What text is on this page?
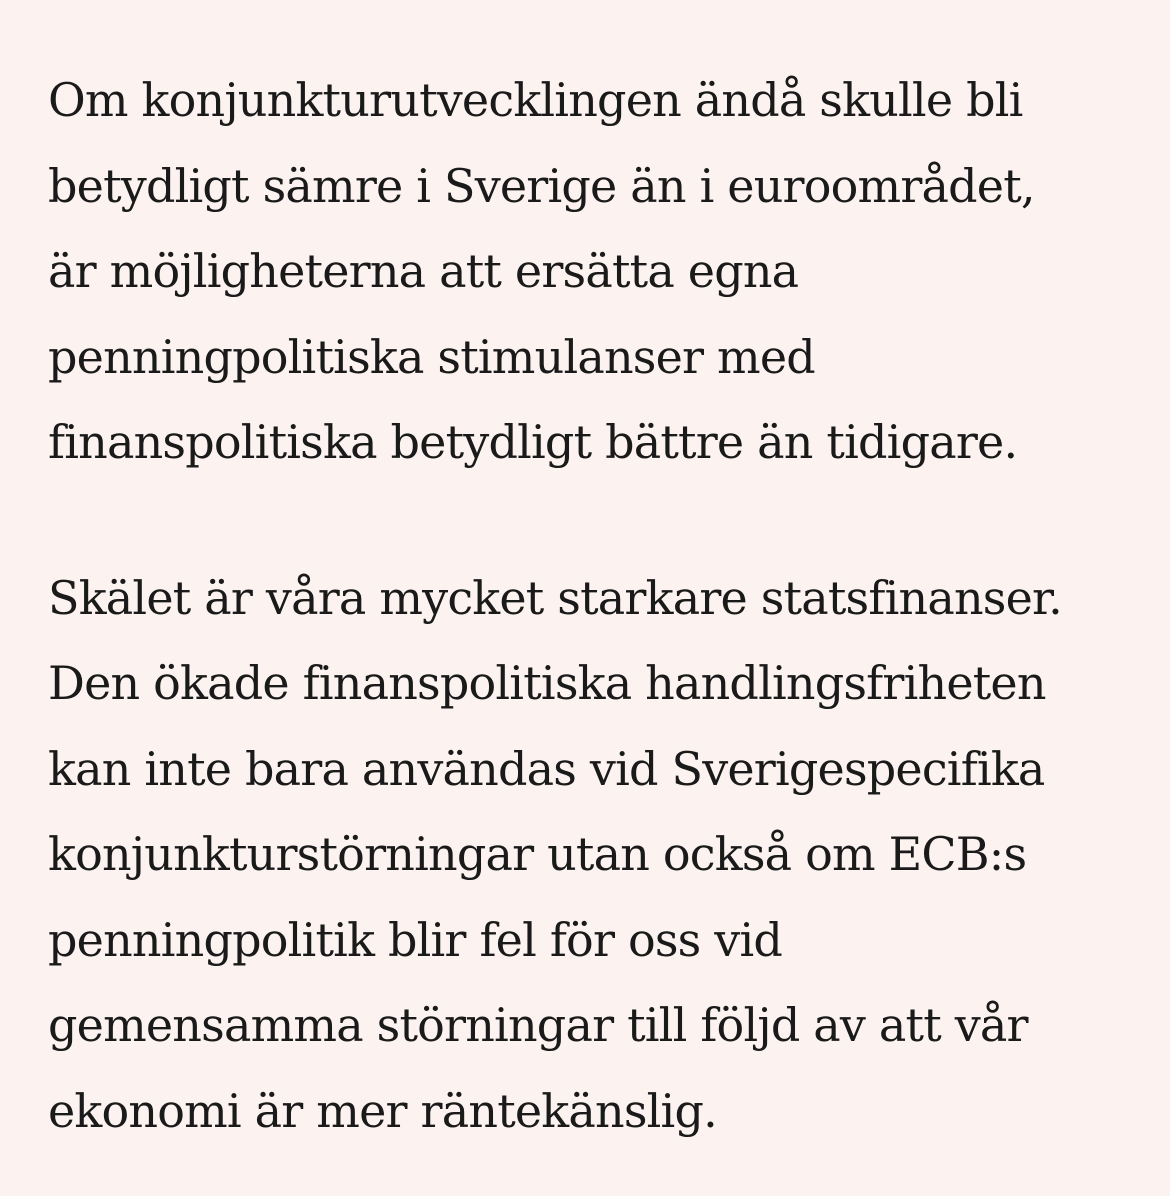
Om konjunkturutvecklingen ändå skulle bli
betydligt sämre i Sverige än i euroområdet,
är möjligheterna att ersätta egna
penningpolitiska stimulanser med
finanspolitiska betydligt bättre än tidigare.

Skälet är våra mycket starkare statsfinanser.
Den ökade finanspolitiska handlingsfriheten
kan inte bara användas vid Sverigespecifika
konjunkturstörningar utan också om ECB:s
penningpolitik blir fel för oss vid
gemensamma störningar till följd av att vår
ekonomi är mer räntekänslig.
